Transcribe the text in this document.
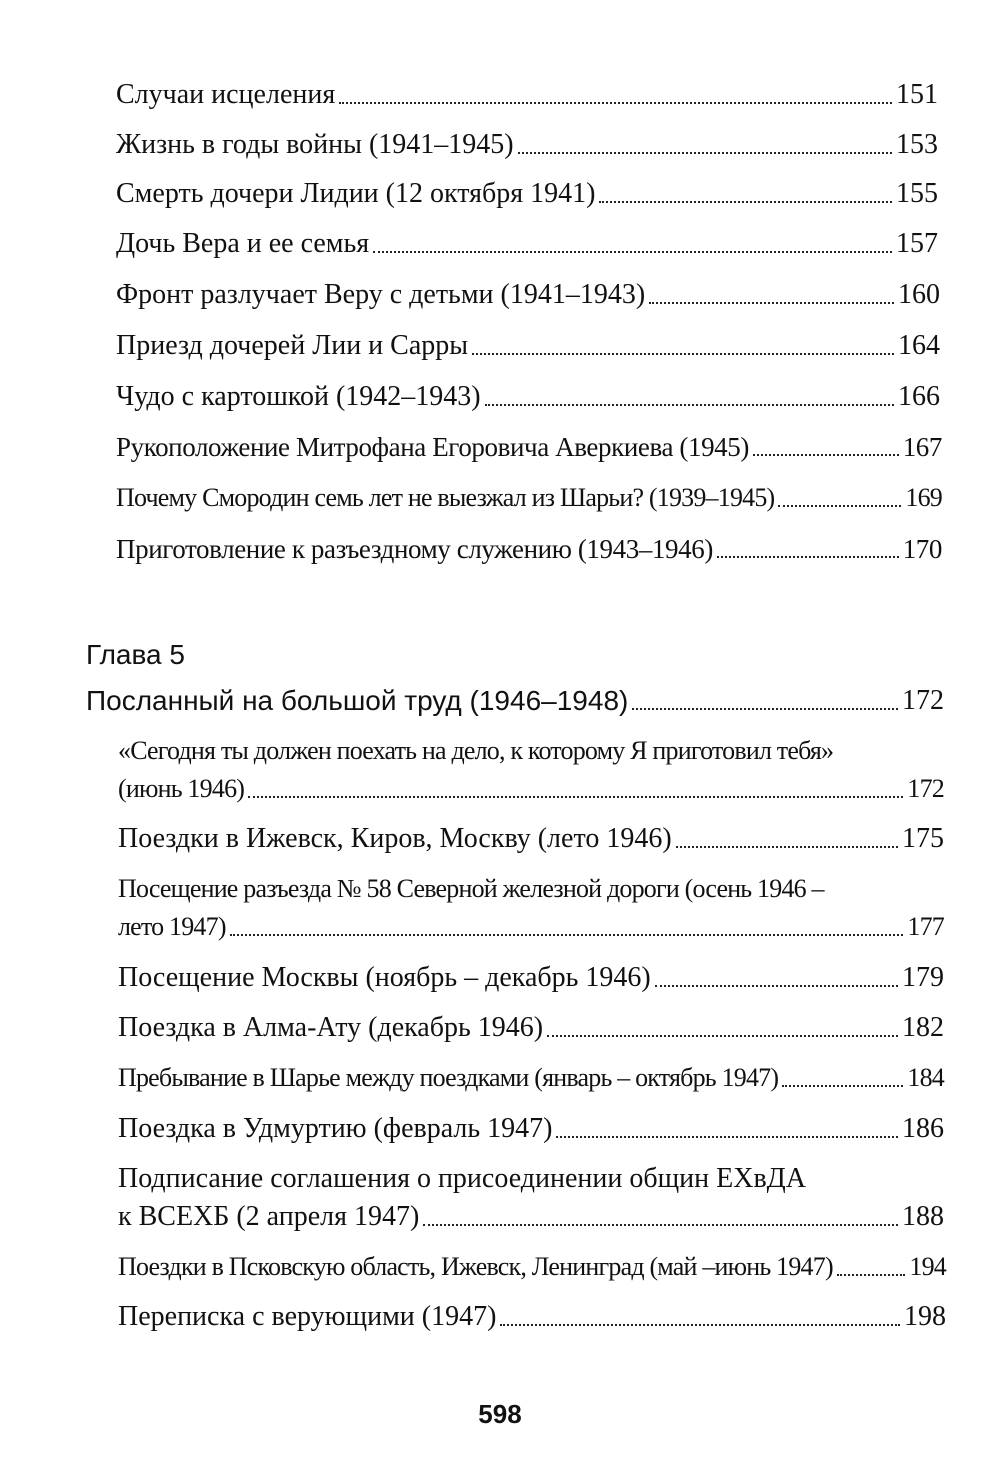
Случаи исцеления	151
Жизнь в годы войны (1941–1945)	153
Смерть дочери Лидии (12 октября 1941)	155
Дочь Вера и ее семья	157
Фронт разлучает Веру с детьми (1941–1943)	160
Приезд дочерей Лии и Сарры	164
Чудо с картошкой (1942–1943)	166
Рукоположение Митрофана Егоровича Аверкиева (1945)	167
Почему Смородин семь лет не выезжал из Шарьи? (1939–1945)	169
Приготовление к разъездному служению (1943–1946)	170
Глава 5
Посланный на большой труд (1946–1948)	172
«Сегодня ты должен поехать на дело, к которому Я приготовил тебя»
(июнь 1946)	172
Поездки в Ижевск, Киров, Москву (лето 1946)	175
Посещение разъезда № 58 Северной железной дороги (осень 1946 –
лето 1947)	177
Посещение Москвы (ноябрь – декабрь 1946)	179
Поездка в Алма-Ату (декабрь 1946)	182
Пребывание в Шарье между поездками (январь – октябрь 1947)	184
Поездка в Удмуртию (февраль 1947)	186
Подписание соглашения о присоединении общин ЕХвДА
к ВСЕХБ (2 апреля 1947)	188
Поездки в Псковскую область, Ижевск, Ленинград (май –июнь 1947)	194
Переписка с верующими (1947)	198
598
